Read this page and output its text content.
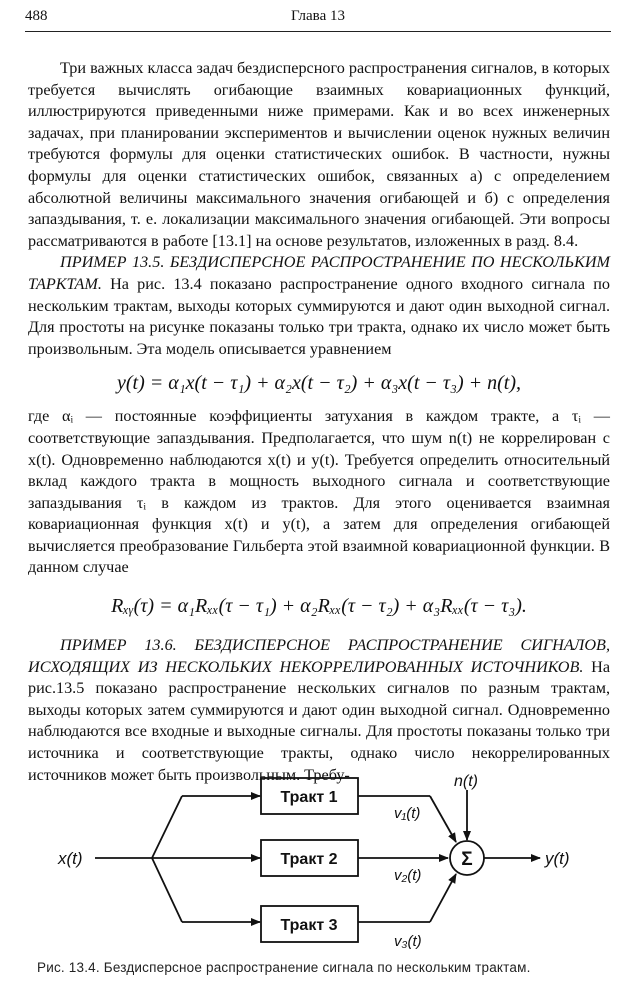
488	Глава 13

Три важных класса задач бездисперсного распространения сигналов, в которых требуется вычислять огибающие взаимных ковариационных функций, иллюстрируются приведенными ниже примерами. Как и во всех инженерных задачах, при планировании экспериментов и вычислении оценок нужных величин требуются формулы для оценки статистических ошибок. В частности, нужны формулы для оценки статистических ошибок, связанных а) с определением абсолютной величины максимального значения огибающей и б) с определения запаздывания, т. е. локализации максимального значения огибающей. Эти вопросы рассматриваются в работе [13.1] на основе результатов, изложенных в разд. 8.4.

ПРИМЕР 13.5. БЕЗДИСПЕРСНОЕ РАСПРОСТРАНЕНИЕ ПО НЕСКОЛЬКИМ ТАРКТАМ. На рис. 13.4 показано распространение одного входного сигнала по нескольким трактам, выходы которых суммируются и дают один выходной сигнал. Для простоты на рисунке показаны только три тракта, однако их число может быть произвольным. Эта модель описывается уравнением

y(t) = α₁x(t − τ₁) + α₂x(t − τ₂) + α₃x(t − τ₃) + n(t),

где αᵢ — постоянные коэффициенты затухания в каждом тракте, а τᵢ — соответствующие запаздывания. Предполагается, что шум n(t) не коррелирован с x(t). Одновременно наблюдаются x(t) и y(t). Требуется определить относительный вклад каждого тракта в мощность выходного сигнала и соответствующие запаздывания τᵢ в каждом из трактов. Для этого оценивается взаимная ковариационная функция x(t) и y(t), а затем для определения огибающей вычисляется преобразование Гильберта этой взаимной ковариационной функции. В данном случае

Rₓᵧ(τ) = α₁Rₓₓ(τ − τ₁) + α₂Rₓₓ(τ − τ₂) + α₃Rₓₓ(τ − τ₃).

ПРИМЕР 13.6. БЕЗДИСПЕРСНОЕ РАСПРОСТРАНЕНИЕ СИГНАЛОВ, ИСХОДЯЩИХ ИЗ НЕСКОЛЬКИХ НЕКОРРЕЛИРОВАННЫХ ИСТОЧНИКОВ. На рис.13.5 показано распространение нескольких сигналов по разным трактам, выходы которых затем суммируются и дают один выходной сигнал. Одновременно наблюдаются все входные и выходные сигналы. Для простоты показаны только три источника и соответствующие тракты, однако число некоррелированных источников может быть произвольным. Требу-

x(t)
Тракт 1
Тракт 2
Тракт 3
v₁(t)
v₂(t)
v₃(t)
n(t)
Σ	y(t)
Рис. 13.4. Бездисперсное распространение сигнала по нескольким трактам.
